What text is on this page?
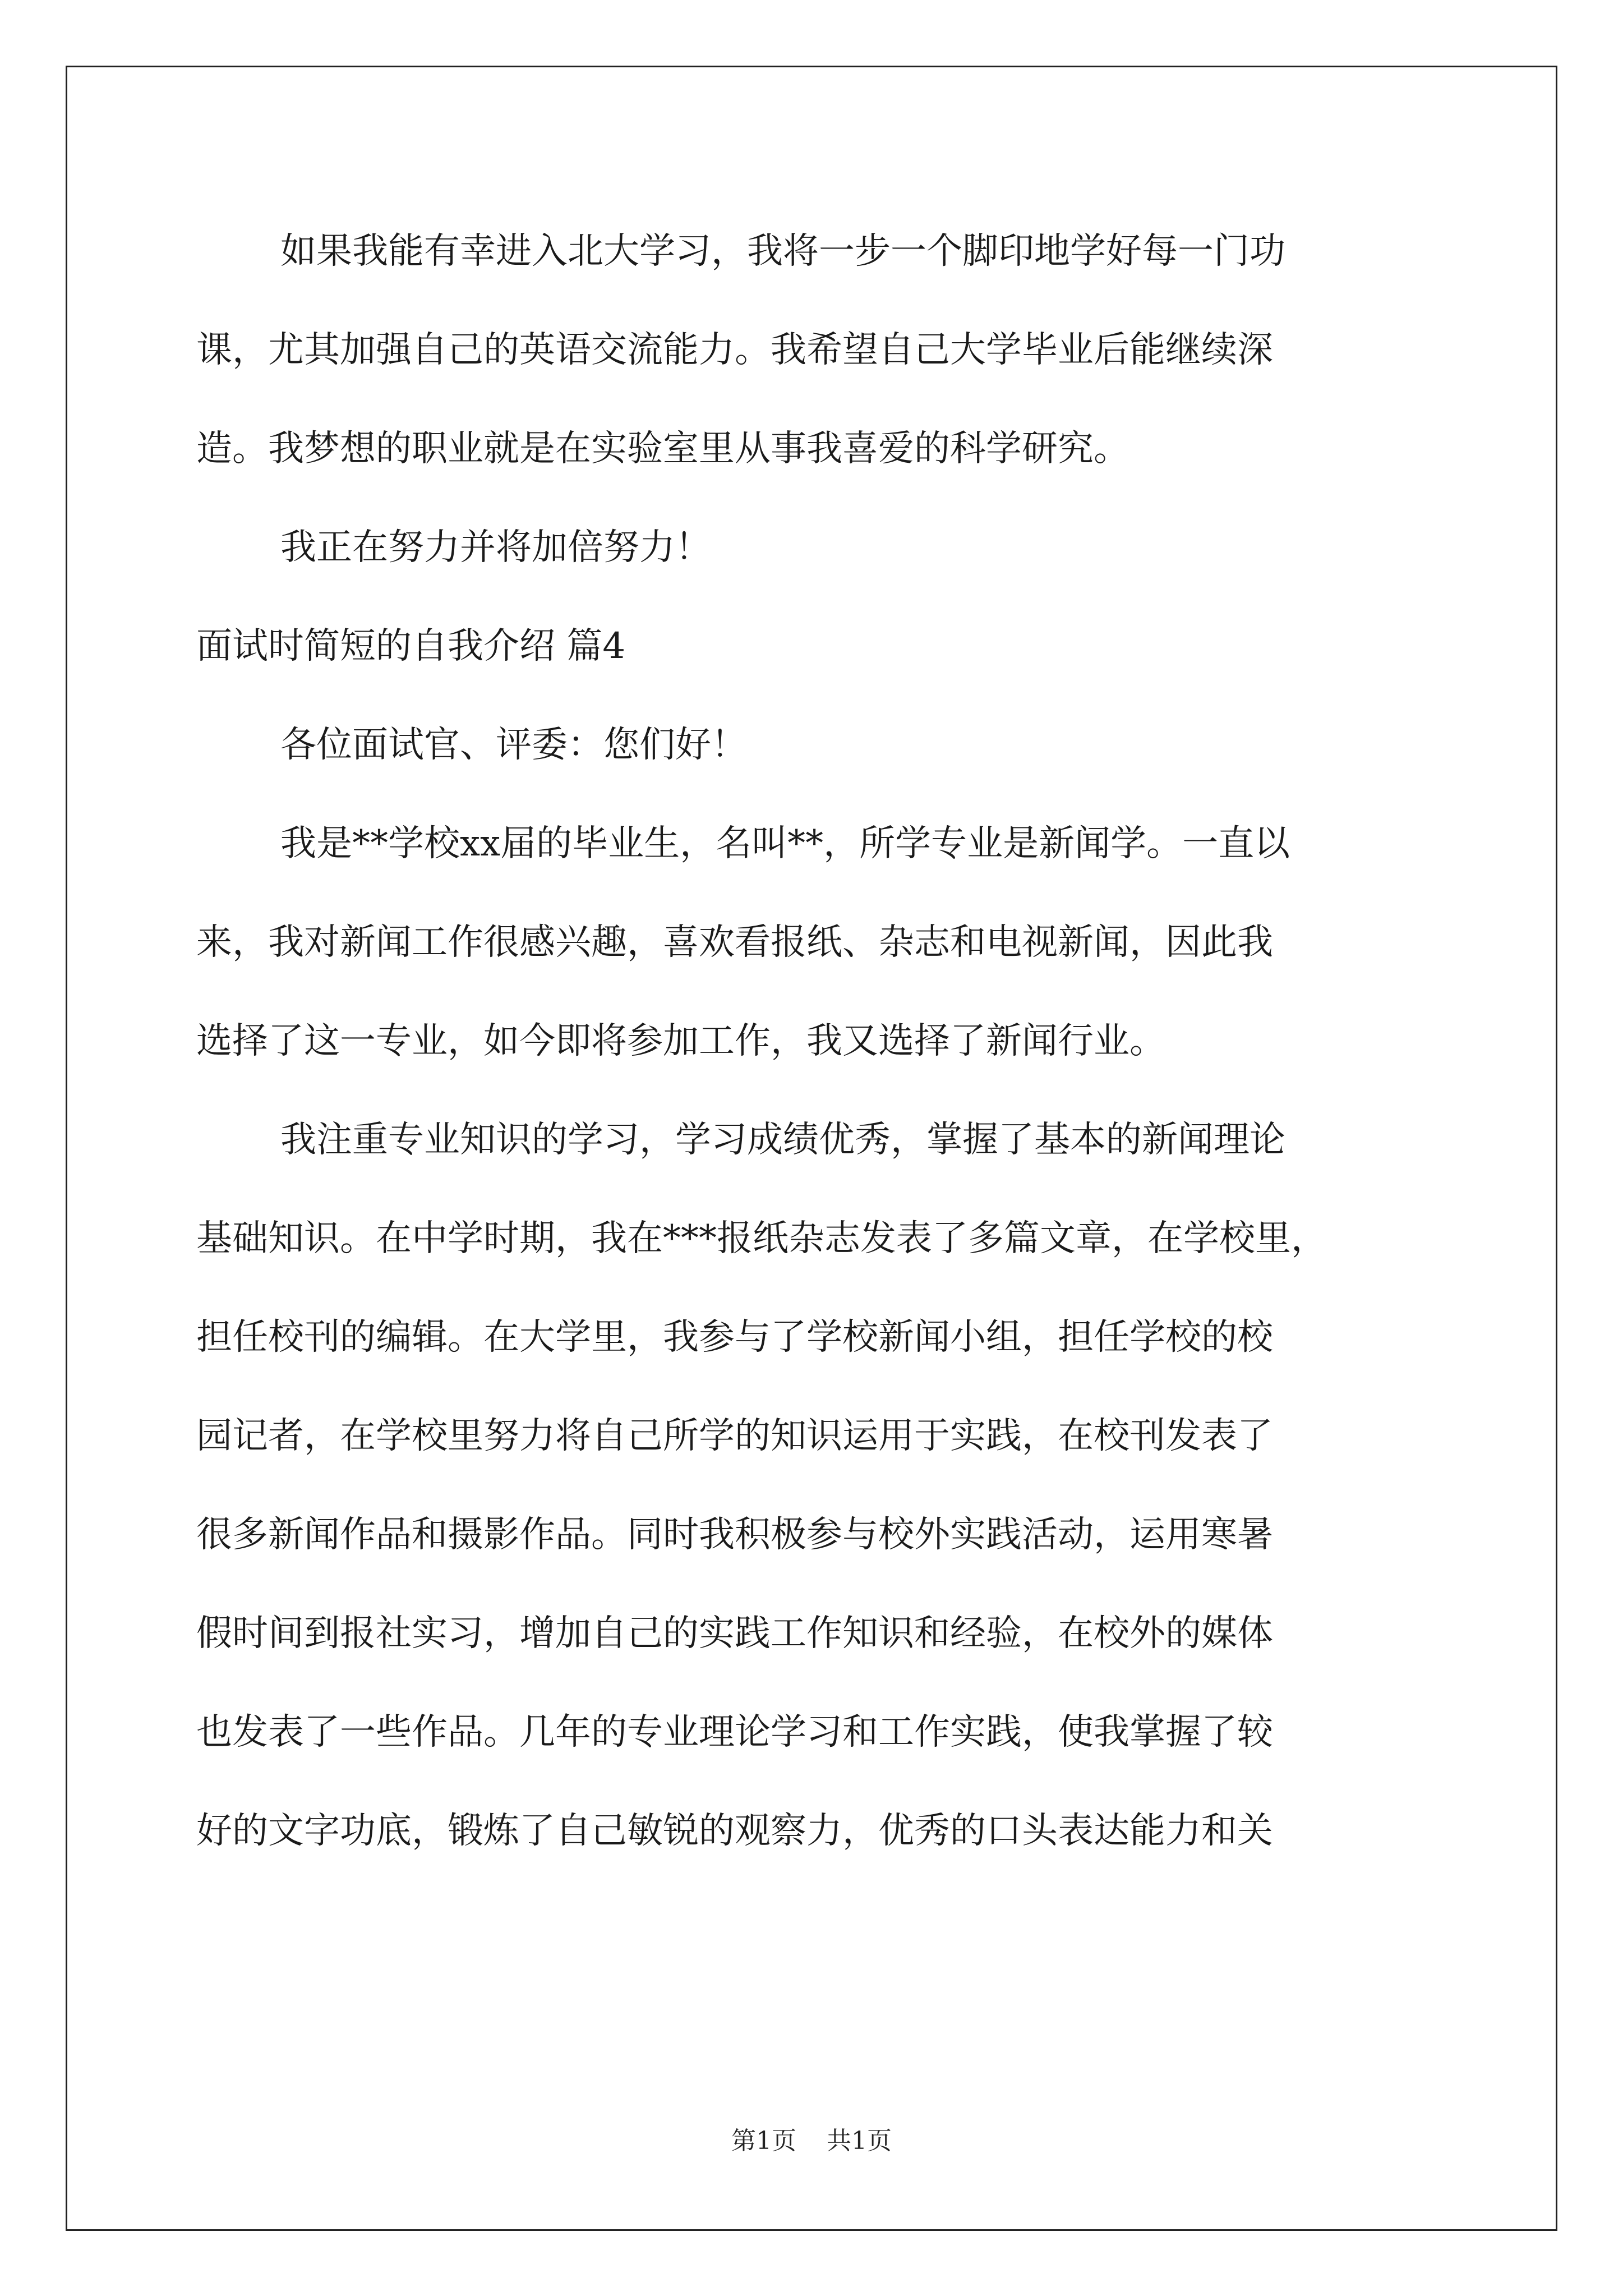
如果我能有幸进入北大学习，我将一步一个脚印地学好每一门功
课，尤其加强自己的英语交流能力。我希望自己大学毕业后能继续深
造。我梦想的职业就是在实验室里从事我喜爱的科学研究。
我正在努力并将加倍努力！
面试时简短的自我介绍 篇4
各位面试官、评委：您们好！
我是**学校xx届的毕业生，名叫**，所学专业是新闻学。一直以
来，我对新闻工作很感兴趣，喜欢看报纸、杂志和电视新闻，因此我
选择了这一专业，如今即将参加工作，我又选择了新闻行业。
我注重专业知识的学习，学习成绩优秀，掌握了基本的新闻理论
基础知识。在中学时期，我在***报纸杂志发表了多篇文章，在学校里，
担任校刊的编辑。在大学里，我参与了学校新闻小组，担任学校的校
园记者，在学校里努力将自己所学的知识运用于实践，在校刊发表了
很多新闻作品和摄影作品。同时我积极参与校外实践活动，运用寒暑
假时间到报社实习，增加自己的实践工作知识和经验，在校外的媒体
也发表了一些作品。几年的专业理论学习和工作实践，使我掌握了较
好的文字功底，锻炼了自己敏锐的观察力，优秀的口头表达能力和关
第1页 共1页
